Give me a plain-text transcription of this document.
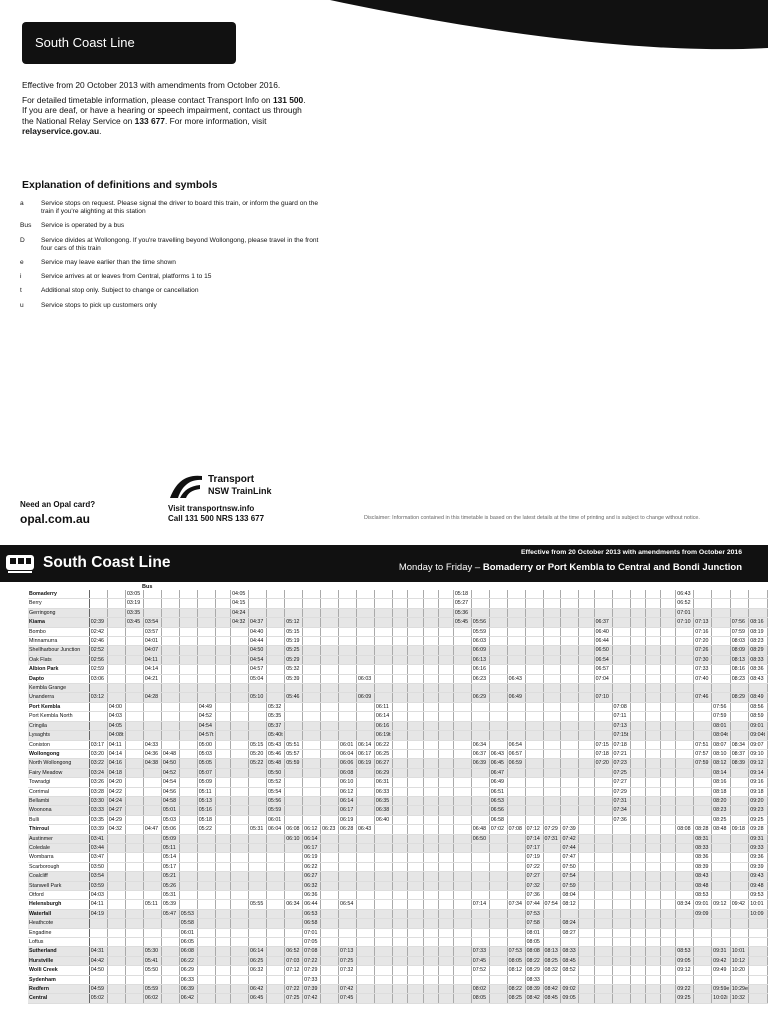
South Coast Line

Effective from 20 October 2013 with amendments from October 2016.

For detailed timetable information, please contact Transport Info on 131 500. If you are deaf, or have a hearing or speech impairment, contact us through the National Relay Service on 133 677. For more information, visit relayservice.gov.au.

Explanation of definitions and symbols
a	Service stops on request. Please signal the driver to board this train, or inform the guard on the train if you're alighting at this station
Bus	Service is operated by a bus
D	Service divides at Wollongong. If you're travelling beyond Wollongong, please travel in the front four cars of this train
e	Service may leave earlier than the time shown
i	Service arrives at or leaves from Central, platforms 1 to 15
t	Additional stop only. Subject to change or cancellation
u	Service stops to pick up customers only
Need an Opal card?
opal.com.au
Transport
NSW TrainLink
Visit transportnsw.info
Call 131 500 NRS 133 677	Disclaimer: Information contained in this timetable is based on the latest details at the time of printing and is subject to change without notice.
South Coast Line
Effective from 20 October 2013 with amendments from October 2016
Monday to Friday – Bomaderry or Port Kembla to Central and Bondi Junction
Bus
Bomaderry			03:05						04:05													05:18													06:43				
Berry			03:19						04:15													05:27													06:52				
Gerringong			03:35						04:24													05:36													07:01				
Kiama	02:39		03:45	03:54					04:32	04:37		05:12										05:45	05:56							06:37					07:10	07:13		07:56	08:16
Bombo	02:42			03:57						04:40		05:15											05:59							06:40						07:16		07:59	08:19
Minnamurra	02:46			04:01						04:44		05:19											06:03							06:44						07:20		08:03	08:23
Shellharbour Junction	02:52			04:07						04:50		05:25											06:09							06:50						07:26		08:09	08:29
Oak Flats	02:56			04:11						04:54		05:29											06:13							06:54						07:30		08:13	08:33
Albion Park	02:59			04:14						04:57		05:32											06:16							06:57						07:33		08:16	08:36
Dapto	03:06			04:21						05:04		05:39				06:03							06:23		06:43					07:04						07:40		08:23	08:43
Kembla Grange																																							
Unanderra	03:12			04:28						05:10		05:46				06:09							06:29		06:49					07:10						07:46		08:29	08:49
Port Kembla		04:00					04:49				05:32						06:11														07:08						07:56		08:56
Port Kembla North		04:03					04:52				05:35						06:14														07:11						07:59		08:59
Cringila		04:05					04:54				05:37						06:16														07:13						08:01		09:01
Lysaghts		04:08t					04:57t				05:40t						06:19t														07:15t						08:04t		09:04t
Coniston	03:17	04:11		04:33			05:00			05:15	05:43	05:51			06:01	06:14	06:22						06:34		06:54					07:15	07:18					07:51	08:07	08:34	09:07
Wollongong	03:20	04:14		04:36	04:48		05:03			05:20	05:46	05:57			06:04	06:17	06:25						06:37	06:43	06:57					07:18	07:21					07:57	08:10	08:37	09:10
North Wollongong	03:22	04:16		04:38	04:50		05:05			05:22	05:48	05:59			06:06	06:19	06:27						06:39	06:45	06:59					07:20	07:23					07:59	08:12	08:39	09:12
Fairy Meadow	03:24	04:18			04:52		05:07				05:50				06:08		06:29							06:47							07:25						08:14		09:14
Towradgi	03:26	04:20			04:54		05:09				05:52				06:10		06:31							06:49							07:27						08:16		09:16
Corrimal	03:28	04:22			04:56		05:11				05:54				06:12		06:33							06:51							07:29						08:18		09:18
Bellambi	03:30	04:24			04:58		05:13				05:56				06:14		06:35							06:53							07:31						08:20		09:20
Woonona	03:33	04:27			05:01		05:16				05:59				06:17		06:38							06:56							07:34						08:23		09:23
Bulli	03:35	04:29			05:03		05:18				06:01				06:19		06:40							06:58							07:36						08:25		09:25
Thirroul	03:39	04:32		04:47	05:06		05:22			05:31	06:04	06:08	06:12	06:23	06:28	06:43							06:48	07:02	07:08	07:12	07:29	07:39							08:08	08:28	08:48	09:18	09:28
Austinmer	03:41				05:09							06:10	06:14										06:50			07:14	07:31	07:42								08:31			09:31
Coledale	03:44				05:11								06:17													07:17		07:44								08:33			09:33
Wombarra	03:47				05:14								06:19													07:19		07:47								08:36			09:36
Scarborough	03:50				05:17								06:22													07:22		07:50								08:39			09:39
Coalcliff	03:54				05:21								06:27													07:27		07:54								08:43			09:43
Stanwell Park	03:59				05:26								06:32													07:32		07:59								08:48			09:48
Otford	04:03				05:31								06:36													07:36		08:04								08:53			09:53
Helensburgh	04:11			05:11	05:39					05:55		06:34	06:44		06:54								07:14		07:34	07:44	07:54	08:12							08:34	09:01	09:12	09:42	10:01
Waterfall	04:19				05:47	05:53							06:53													07:53										09:09			10:09
Heathcote						05:58							06:58													07:58		08:24											
Engadine						06:01							07:01													08:01		08:27											
Loftus						06:05							07:05													08:05													
Sutherland	04:31			05:30		06:08				06:14		06:52	07:08		07:13								07:33		07:53	08:08	08:13	08:33							08:53		09:31	10:01	
Hurstville	04:42			05:41		06:22				06:25		07:03	07:22		07:25								07:45		08:05	08:22	08:25	08:45							09:05		09:42	10:12	
Wolli Creek	04:50			05:50		06:29				06:32		07:12	07:29		07:32								07:52		08:12	08:29	08:32	08:52							09:12		09:49	10:20	
Sydenham						06:33							07:33													08:33													
Redfern	04:59			05:59		06:39				06:42		07:22	07:39		07:42								08:02		08:22	08:39	08:42	09:02							09:22		09:59e	10:29e	
Central	05:02			06:02		06:42				06:45		07:25	07:42		07:45								08:05		08:25	08:42	08:45	09:05							09:25		10:02i	10:32	
